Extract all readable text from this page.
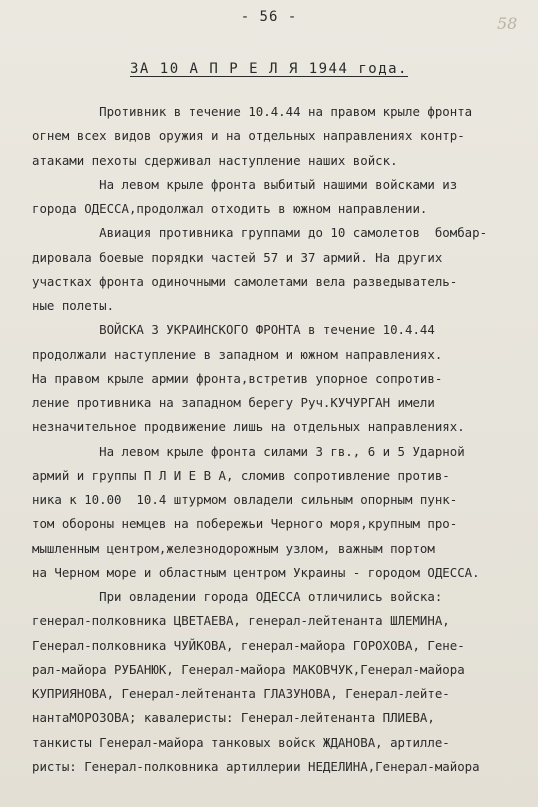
- 56 -	58
ЗА 10 А П Р Е Л Я 1944 года.
Противник в течение 10.4.44 на правом крыле фронта
огнем всех видов оружия и на отдельных направлениях контр-
атаками пехоты сдерживал наступление наших войск.
На левом крыле фронта выбитый нашими войсками из
города ОДЕССА,продолжал отходить в южном направлении.
Авиация противника группами до 10 самолетов  бомбар-
дировала боевые порядки частей 57 и 37 армий. На других
участках фронта одиночными самолетами вела разведыватель-
ные полеты.
ВОЙСКА 3 УКРАИНСКОГО ФРОНТА в течение 10.4.44
продолжали наступление в западном и южном направлениях.
На правом крыле армии фронта,встретив упорное сопротив-
ление противника на западном берегу Руч.КУЧУРГАН имели
незначительное продвижение лишь на отдельных направлениях.
На левом крыле фронта силами 3 гв., 6 и 5 Ударной
армий и группы П Л И Е В А, сломив сопротивление против-
ника к 10.00  10.4 штурмом овладели сильным опорным пунк-
том обороны немцев на побережьи Черного моря,крупным про-
мышленным центром,железнодорожным узлом, важным портом
на Черном море и областным центром Украины - городом ОДЕССА.
При овладении города ОДЕССА отличились войска:
генерал-полковника ЦВЕТАЕВА, генерал-лейтенанта ШЛЕМИНА,
Генерал-полковника ЧУЙКОВА, генерал-майора ГОРОХОВА, Гене-
рал-майора РУБАНЮК, Генерал-майора МАКОВЧУК,Генерал-майора
КУПРИЯНОВА, Генерал-лейтенанта ГЛАЗУНОВА, Генерал-лейте-
нантаМОРОЗОВА; кавалеристы: Генерал-лейтенанта ПЛИЕВА,
танкисты Генерал-майора танковых войск ЖДАНОВА, артилле-
ристы: Генерал-полковника артиллерии НЕДЕЛИНА,Генерал-майора
